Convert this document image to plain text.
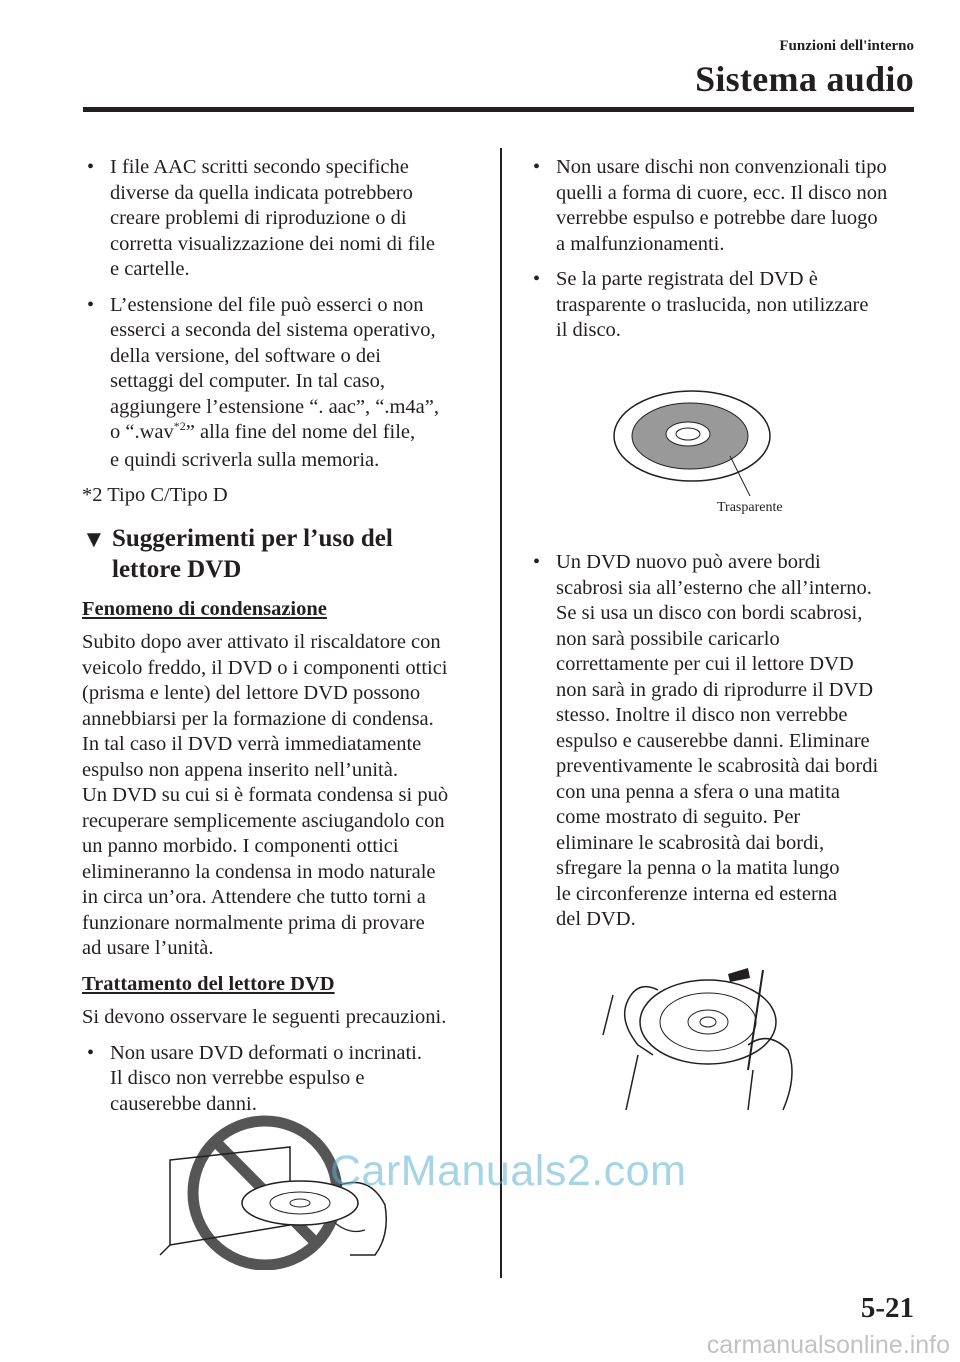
Funzioni dell'interno
Sistema audio
• I file AAC scritti secondo specifiche
diverse da quella indicata potrebbero
creare problemi di riproduzione o di
corretta visualizzazione dei nomi di file
e cartelle.
• L’estensione del file può esserci o non
esserci a seconda del sistema operativo,
della versione, del software o dei
settaggi del computer. In tal caso,
aggiungere l’estensione “. aac”, “.m4a”,
o “.wav$^{*2}$” alla fine del nome del file,
e quindi scriverla sulla memoria.
*2 Tipo C/Tipo D
▼ Suggerimenti per l’uso del
lettore DVD
Fenomeno di condensazione
Subito dopo aver attivato il riscaldatore con
veicolo freddo, il DVD o i componenti ottici
(prisma e lente) del lettore DVD possono
annebbiarsi per la formazione di condensa.
In tal caso il DVD verrà immediatamente
espulso non appena inserito nell’unità.
Un DVD su cui si è formata condensa si può
recuperare semplicemente asciugandolo con
un panno morbido. I componenti ottici
elimineranno la condensa in modo naturale
in circa un’ora. Attendere che tutto torni a
funzionare normalmente prima di provare
ad usare l’unità.
Trattamento del lettore DVD
Si devono osservare le seguenti precauzioni.
• Non usare DVD deformati o incrinati.
Il disco non verrebbe espulso e
causerebbe danni.
• Non usare dischi non convenzionali tipo
quelli a forma di cuore, ecc. Il disco non
verrebbe espulso e potrebbe dare luogo
a malfunzionamenti.
• Se la parte registrata del DVD è
trasparente o traslucida, non utilizzare
il disco.
Trasparente
• Un DVD nuovo può avere bordi
scabrosi sia all’esterno che all’interno.
Se si usa un disco con bordi scabrosi,
non sarà possibile caricarlo
correttamente per cui il lettore DVD
non sarà in grado di riprodurre il DVD
stesso. Inoltre il disco non verrebbe
espulso e causerebbe danni. Eliminare
preventivamente le scabrosità dai bordi
con una penna a sfera o una matita
come mostrato di seguito. Per
eliminare le scabrosità dai bordi,
sfregare la penna o la matita lungo
le circonferenze interna ed esterna
del DVD.
CarManuals2.com
5-21
carmanualsonline.info
